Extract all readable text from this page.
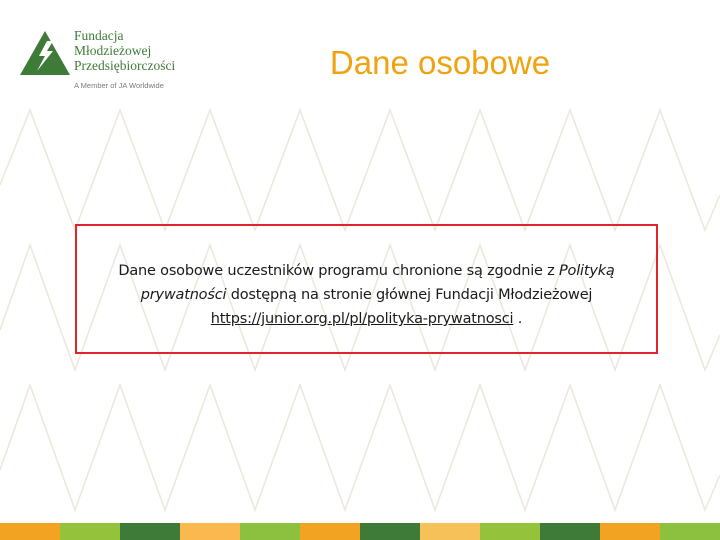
Fundacja
Młodzieżowej
Przedsiębiorczości
A Member of JA Worldwide
Dane osobowe
Dane osobowe uczestników programu chronione są zgodnie z Polityką
prywatności dostępną na stronie głównej Fundacji Młodzieżowej
https://junior.org.pl/pl/polityka-prywatnosci .
